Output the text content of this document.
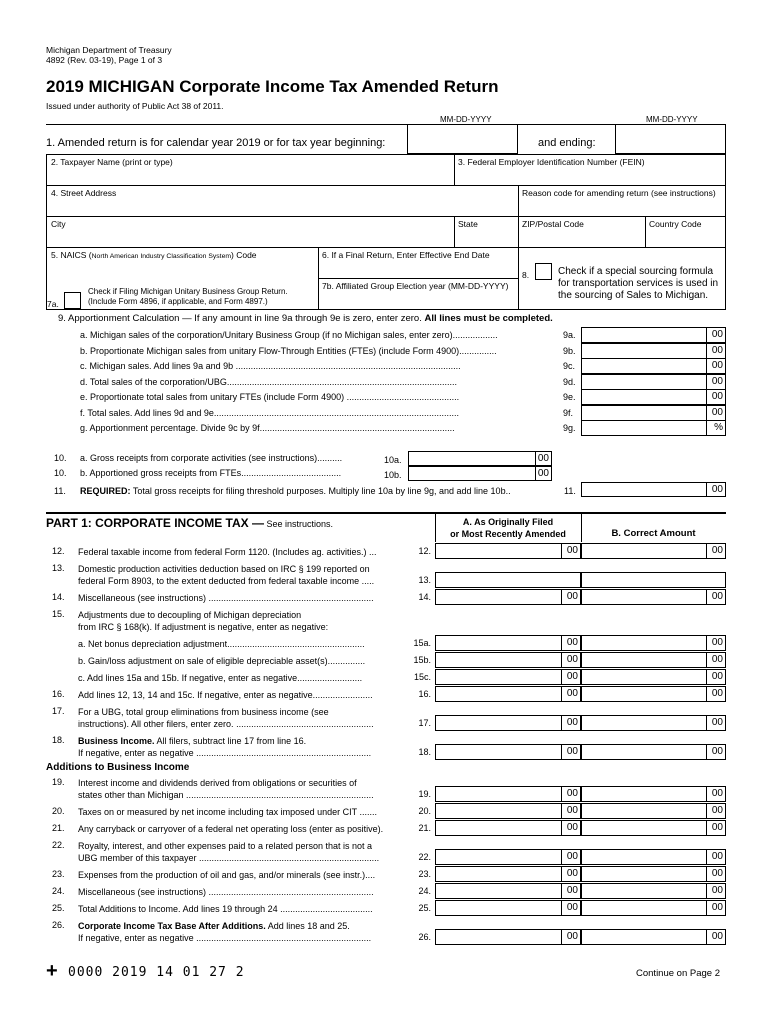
Michigan Department of Treasury
4892 (Rev. 03-19), Page 1 of 3
2019 MICHIGAN Corporate Income Tax Amended Return
Issued under authority of Public Act 38 of 2011.
MM-DD-YYYY	MM-DD-YYYY
1. Amended return is for calendar year 2019 or for tax year beginning:	and ending:
2. Taxpayer Name (print or type)	3. Federal Employer Identification Number (FEIN)
4. Street Address	Reason code for amending return (see instructions)
City	State	ZIP/Postal Code	Country Code
5. NAICS (North American Industry Classification System) Code	6. If a Final Return, Enter Effective End Date
7b. Affiliated Group Election year (MM-DD-YYYY)
Check if Filing Michigan Unitary Business Group Return.
(Include Form 4896, if applicable, and Form 4897.)
7a.
8.	Check if a special sourcing formula
for transportation services is used in
the sourcing of Sales to Michigan.
9. Apportionment Calculation — If any amount in line 9a through 9e is zero, enter zero. All lines must be completed.
a. Michigan sales of the corporation/Unitary Business Group (if no Michigan sales, enter zero)..................	9a.	00
b. Proportionate Michigan sales from unitary Flow-Through Entities (FTEs) (include Form 4900)...............	9b.	00
c. Michigan sales. Add lines 9a and 9b ..........................................................................................	9c.	00
d. Total sales of the corporation/UBG............................................................................................	9d.	00
e. Proportionate total sales from unitary FTEs (include Form 4900) .............................................	9e.	00
f. Total sales. Add lines 9d and 9e..................................................................................................	9f.	00
g. Apportionment percentage. Divide 9c by 9f..............................................................................	9g.	%
10. a. Gross receipts from corporate activities (see instructions)..........	10a.	00
10. b. Apportioned gross receipts from FTEs........................................	10b.	00
11. REQUIRED: Total gross receipts for filing threshold purposes. Multiply line 10a by line 9g, and add line 10b..	11.	00
PART 1: CORPORATE INCOME TAX — See instructions.	A. As Originally Filed
or Most Recently Amended	B. Correct Amount
12. Federal taxable income from federal Form 1120. (Includes ag. activities.) ...	12.	00	00
13. Domestic production activities deduction based on IRC § 199 reported on
federal Form 8903, to the extent deducted from federal taxable income .....	13.
14. Miscellaneous (see instructions) ..................................................................	14.	00	00
15. Adjustments due to decoupling of Michigan depreciation
from IRC § 168(k). If adjustment is negative, enter as negative:
a. Net bonus depreciation adjustment.......................................................	15a.	00	00
b. Gain/loss adjustment on sale of eligible depreciable asset(s)...............	15b.	00	00
c. Add lines 15a and 15b. If negative, enter as negative..........................	15c.	00	00
16. Add lines 12, 13, 14 and 15c. If negative, enter as negative........................	16.	00	00
17. For a UBG, total group eliminations from business income (see
instructions). All other filers, enter zero. .......................................................	17.	00	00
18. Business Income. All filers, subtract line 17 from line 16.
If negative, enter as negative ......................................................................	18.	00	00
Additions to Business Income
19. Interest income and dividends derived from obligations or securities of
states other than Michigan ...........................................................................	19.	00	00
20. Taxes on or measured by net income including tax imposed under CIT .......	20.	00	00
21. Any carryback or carryover of a federal net operating loss (enter as positive).	21.	00	00
22. Royalty, interest, and other expenses paid to a related person that is not a
UBG member of this taxpayer ........................................................................	22.	00	00
23. Expenses from the production of oil and gas, and/or minerals (see instr.)....	23.	00	00
24. Miscellaneous (see instructions) ..................................................................	24.	00	00
25. Total Additions to Income. Add lines 19 through 24 .....................................	25.	00	00
26. Corporate Income Tax Base After Additions. Add lines 18 and 25.
If negative, enter as negative ......................................................................	26.	00	00
+ 0000 2019 14 01 27 2	Continue on Page 2
